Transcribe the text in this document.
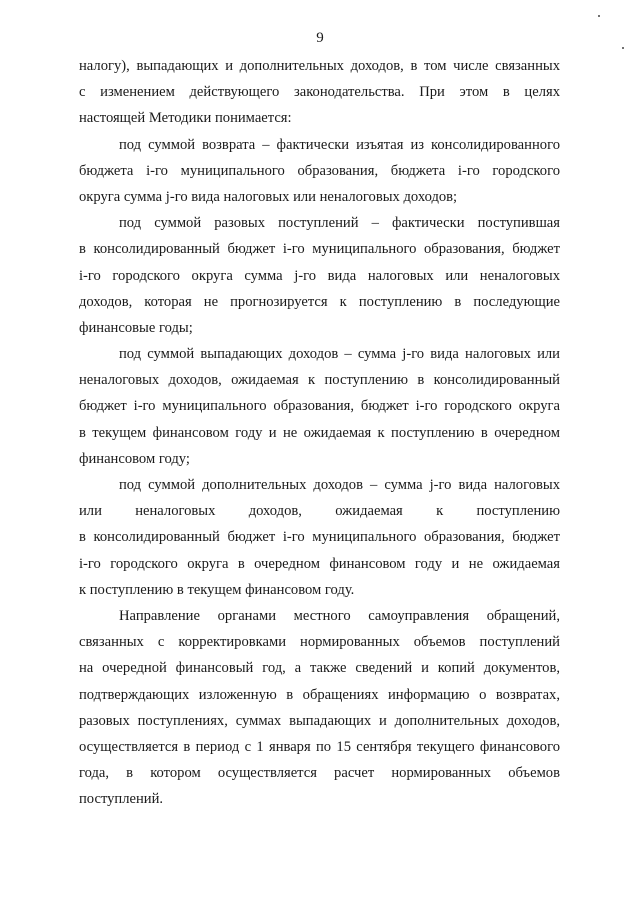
9
налогу), выпадающих и дополнительных доходов, в том числе связанных
с изменением действующего законодательства. При этом в целях
настоящей Методики понимается:
под суммой возврата – фактически изъятая из консолидированного
бюджета i-го муниципального образования, бюджета i-го городского
округа сумма j-го вида налоговых или неналоговых доходов;
под суммой разовых поступлений – фактически поступившая
в консолидированный бюджет i-го муниципального образования, бюджет
i-го городского округа сумма j-го вида налоговых или неналоговых
доходов, которая не прогнозируется к поступлению в последующие
финансовые годы;
под суммой выпадающих доходов – сумма j-го вида налоговых или
неналоговых доходов, ожидаемая к поступлению в консолидированный
бюджет i-го муниципального образования, бюджет i-го городского округа
в текущем финансовом году и не ожидаемая к поступлению в очередном
финансовом году;
под суммой дополнительных доходов – сумма j-го вида налоговых
или неналоговых доходов, ожидаемая к поступлению
в консолидированный бюджет i-го муниципального образования, бюджет
i-го городского округа в очередном финансовом году и не ожидаемая
к поступлению в текущем финансовом году.
Направление органами местного самоуправления обращений,
связанных с корректировками нормированных объемов поступлений
на очередной финансовый год, а также сведений и копий документов,
подтверждающих изложенную в обращениях информацию о возвратах,
разовых поступлениях, суммах выпадающих и дополнительных доходов,
осуществляется в период с 1 января по 15 сентября текущего финансового
года, в котором осуществляется расчет нормированных объемов
поступлений.
